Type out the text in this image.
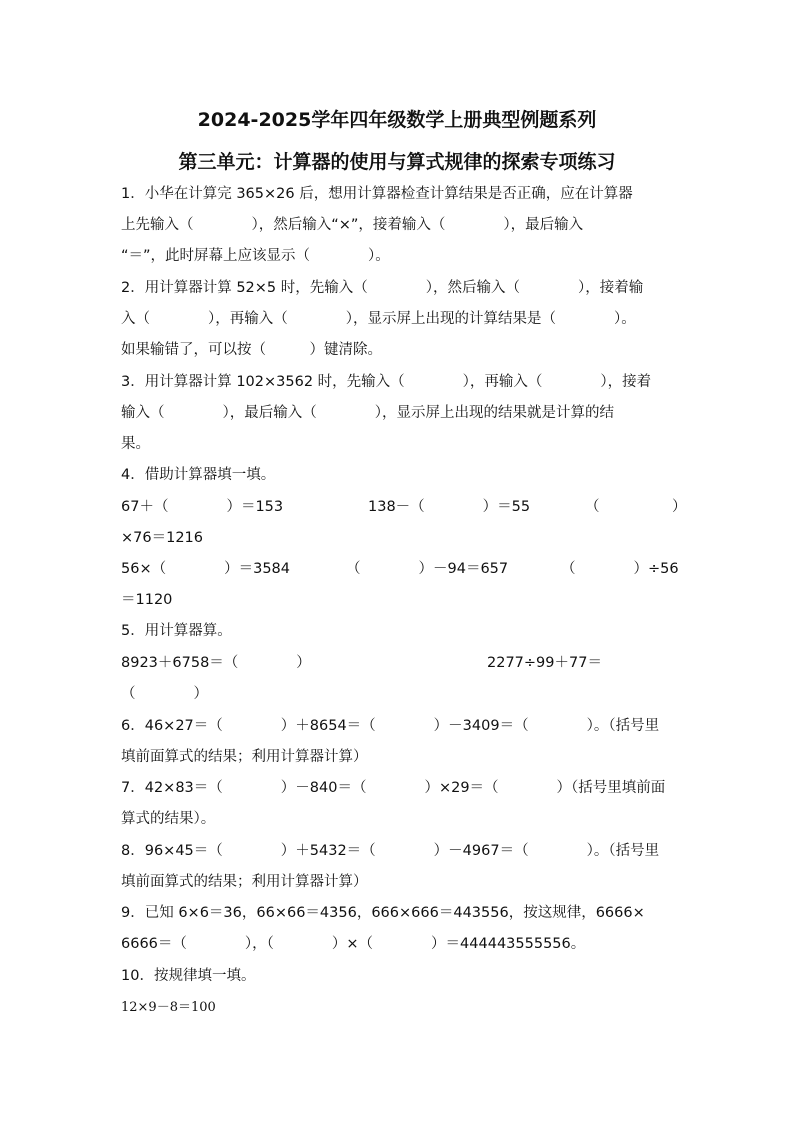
2024-2025学年四年级数学上册典型例题系列
第三单元：计算器的使用与算式规律的探索专项练习
1．小华在计算完 365×26 后，想用计算器检查计算结果是否正确，应在计算器
上先输入（　　　　），然后输入“×”，接着输入（　　　　），最后输入
“＝”，此时屏幕上应该显示（　　　　）。
2．用计算器计算 52×5 时，先输入（　　　　），然后输入（　　　　），接着输
入（　　　　），再输入（　　　　），显示屏上出现的计算结果是（　　　　）。
如果输错了，可以按（　　　）键清除。
3．用计算器计算 102×3562 时，先输入（　　　　），再输入（　　　　），接着
输入（　　　　），最后输入（　　　　），显示屏上出现的结果就是计算的结
果。
4．借助计算器填一填。
67＋（　　　　）＝153	138－（　　　　）＝55	（　　　　　）
×76＝1216
56×（　　　　）＝3584	（　　　　）－94＝657	（　　　　）÷56
＝1120
5．用计算器算。
8923＋6758＝（　　　　）	2277÷99＋77＝
（　　　　）
6．46×27＝（　　　　）＋8654＝（　　　　）－3409＝（　　　　）。（括号里
填前面算式的结果；利用计算器计算）
7．42×83＝（　　　　）－840＝（　　　　）×29＝（　　　　）（括号里填前面
算式的结果）。
8．96×45＝（　　　　）＋5432＝（　　　　）－4967＝（　　　　）。（括号里
填前面算式的结果；利用计算器计算）
9．已知 6×6＝36，66×66＝4356，666×666＝443556，按这规律，6666×
6666＝（　　　　），（　　　　）×（　　　　）＝444443555556。
10．按规律填一填。
12×9－8＝100
